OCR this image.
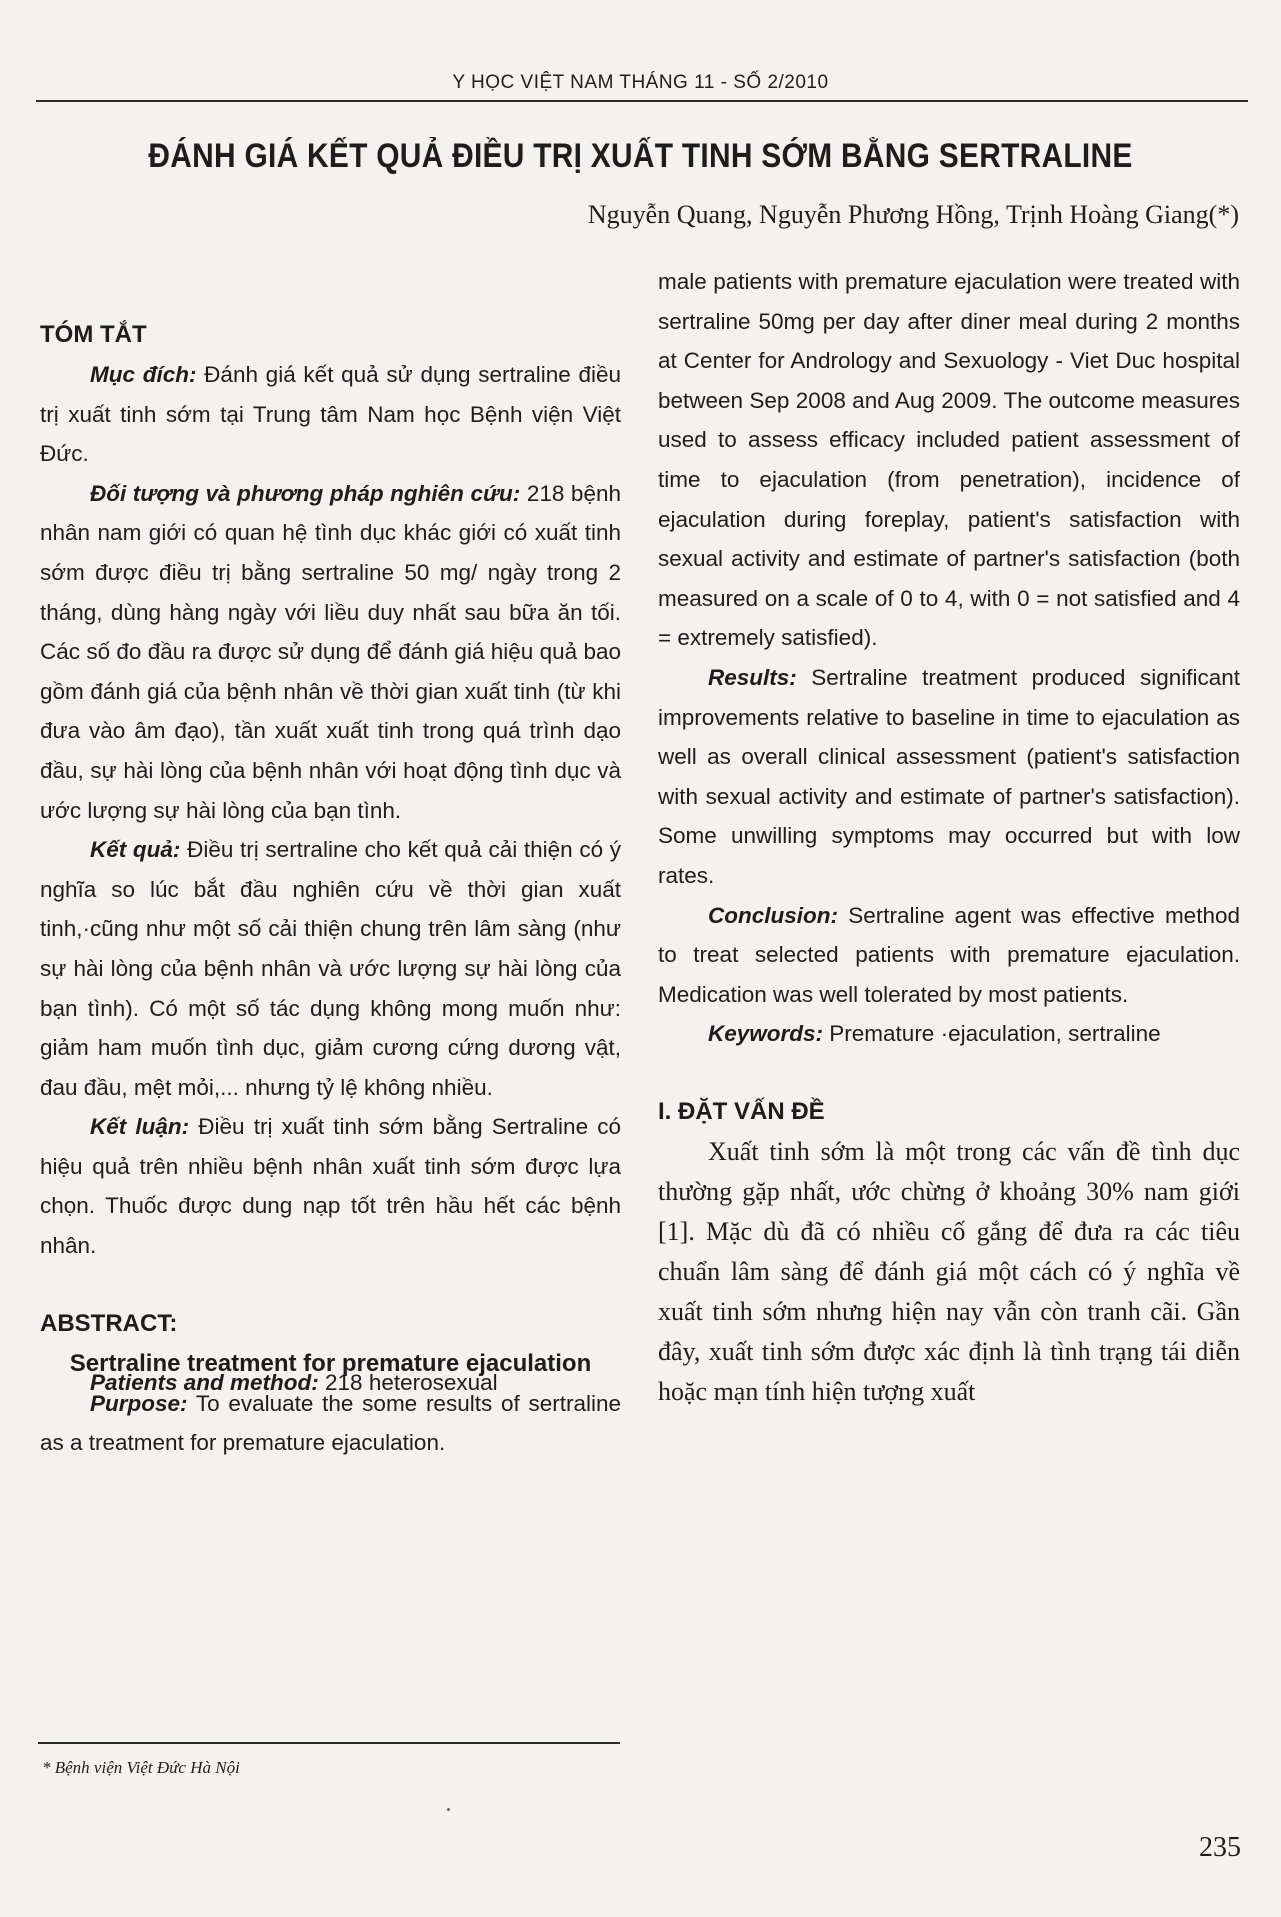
Y HỌC VIỆT NAM THÁNG 11 - SỐ 2/2010
ĐÁNH GIÁ KẾT QUẢ ĐIỀU TRỊ XUẤT TINH SỚM BẰNG SERTRALINE
Nguyễn Quang, Nguyễn Phương Hồng, Trịnh Hoàng Giang(*)
TÓM TẮT

Mục đích: Đánh giá kết quả sử dụng sertraline điều trị xuất tinh sớm tại Trung tâm Nam học Bệnh viện Việt Đức.

Đối tượng và phương pháp nghiên cứu: 218 bệnh nhân nam giới có quan hệ tình dục khác giới có xuất tinh sớm được điều trị bằng sertraline 50 mg/ ngày trong 2 tháng, dùng hàng ngày với liều duy nhất sau bữa ăn tối. Các số đo đầu ra được sử dụng để đánh giá hiệu quả bao gồm đánh giá của bệnh nhân về thời gian xuất tinh (từ khi đưa vào âm đạo), tần xuất xuất tinh trong quá trình dạo đầu, sự hài lòng của bệnh nhân với hoạt động tình dục và ước lượng sự hài lòng của bạn tình.

Kết quả: Điều trị sertraline cho kết quả cải thiện có ý nghĩa so lúc bắt đầu nghiên cứu về thời gian xuất tinh,·cũng như một số cải thiện chung trên lâm sàng (như sự hài lòng của bệnh nhân và ước lượng sự hài lòng của bạn tình). Có một số tác dụng không mong muốn như: giảm ham muốn tình dục, giảm cương cứng dương vật, đau đầu, mệt mỏi,... nhưng tỷ lệ không nhiều.

Kết luận: Điều trị xuất tinh sớm bằng Sertraline có hiệu quả trên nhiều bệnh nhân xuất tinh sớm được lựa chọn. Thuốc được dung nạp tốt trên hầu hết các bệnh nhân.

ABSTRACT:
Sertraline treatment for premature ejaculation

Purpose: To evaluate the some results of sertraline as a treatment for premature ejaculation.

Patients and method: 218 heterosexual

male patients with premature ejaculation were treated with sertraline 50mg per day after diner meal during 2 months at Center for Andrology and Sexuology - Viet Duc hospital between Sep 2008 and Aug 2009. The outcome measures used to assess efficacy included patient assessment of time to ejaculation (from penetration), incidence of ejaculation during foreplay, patient's satisfaction with sexual activity and estimate of partner's satisfaction (both measured on a scale of 0 to 4, with 0 = not satisfied and 4 = extremely satisfied).

Results: Sertraline treatment produced significant improvements relative to baseline in time to ejaculation as well as overall clinical assessment (patient's satisfaction with sexual activity and estimate of partner's satisfaction). Some unwilling symptoms may occurred but with low rates.

Conclusion: Sertraline agent was effective method to treat selected patients with premature ejaculation. Medication was well tolerated by most patients.

Keywords: Premature ·ejaculation, sertraline

I. ĐẶT VẤN ĐỀ

Xuất tinh sớm là một trong các vấn đề tình dục thường gặp nhất, ước chừng ở khoảng 30% nam giới [1]. Mặc dù đã có nhiều cố gắng để đưa ra các tiêu chuẩn lâm sàng để đánh giá một cách có ý nghĩa về xuất tinh sớm nhưng hiện nay vẫn còn tranh cãi. Gần đây, xuất tinh sớm được xác định là tình trạng tái diễn hoặc mạn tính hiện tượng xuất

* Bệnh viện Việt Đức Hà Nội
235
